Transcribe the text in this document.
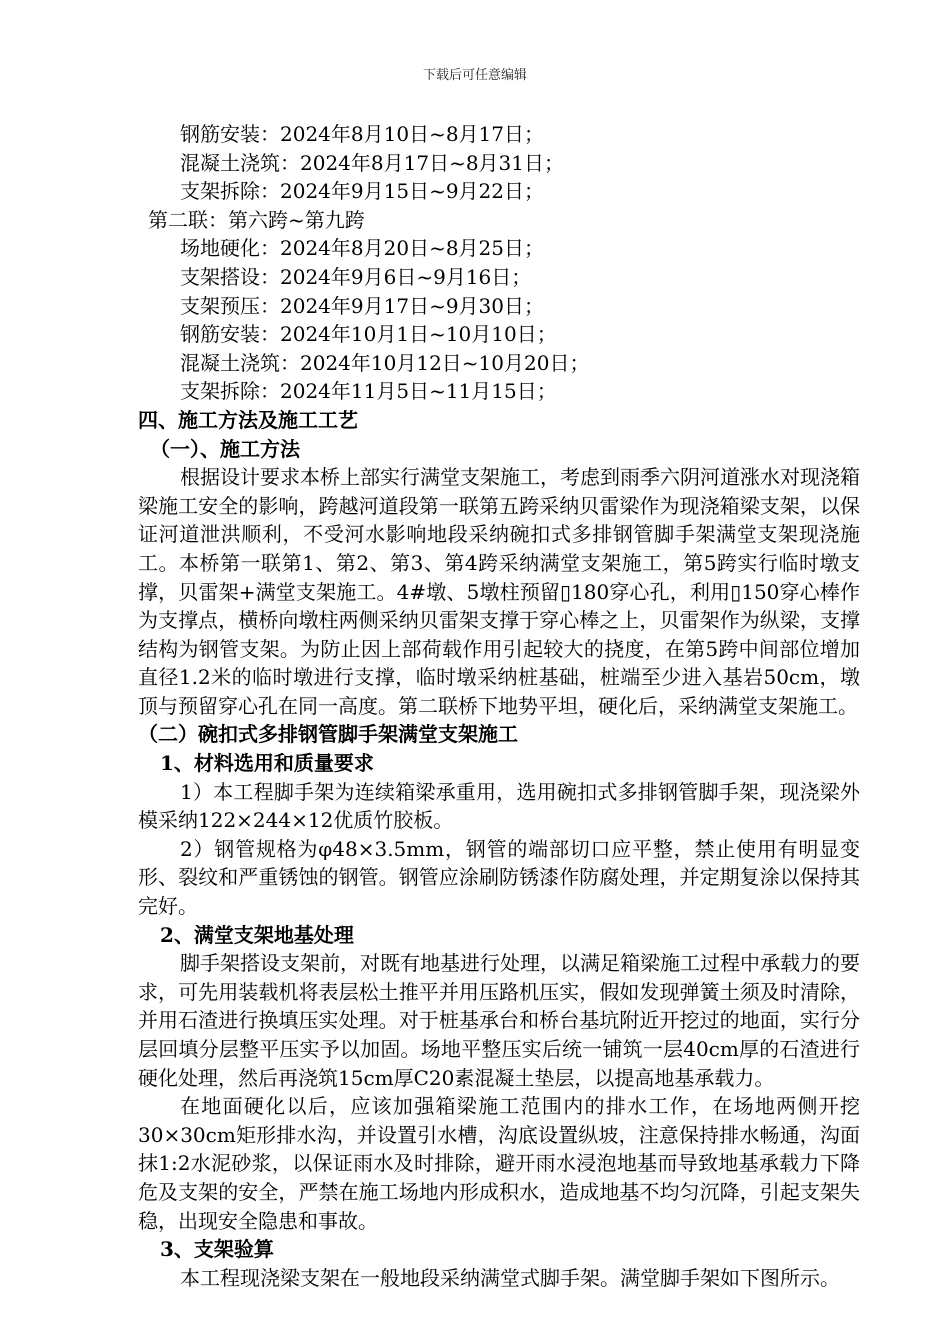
下载后可任意编辑
钢筋安装：2024年8月10日~8月17日；
混凝土浇筑：2024年8月17日~8月31日；
支架拆除：2024年9月15日~9月22日；
第二联：第六跨~第九跨
场地硬化：2024年8月20日~8月25日；
支架搭设：2024年9月6日~9月16日；
支架预压：2024年9月17日~9月30日；
钢筋安装：2024年10月1日~10月10日；
混凝土浇筑：2024年10月12日~10月20日；
支架拆除：2024年11月5日~11月15日；
四、施工方法及施工工艺
（一）、施工方法

根据设计要求本桥上部实行满堂支架施工，考虑到雨季六阴河道涨水对现浇箱梁施工安全的影响，跨越河道段第一联第五跨采纳贝雷梁作为现浇箱梁支架，以保证河道泄洪顺利，不受河水影响地段采纳碗扣式多排钢管脚手架满堂支架现浇施工。本桥第一联第1、第2、第3、第4跨采纳满堂支架施工，第5跨实行临时墩支撑，贝雷架+满堂支架施工。4#墩、5墩柱预留▯180穿心孔，利用▯150穿心棒作为支撑点，横桥向墩柱两侧采纳贝雷架支撑于穿心棒之上，贝雷架作为纵梁，支撑结构为钢管支架。为防止因上部荷载作用引起较大的挠度，在第5跨中间部位增加直径1.2米的临时墩进行支撑，临时墩采纳桩基础，桩端至少进入基岩50cm，墩顶与预留穿心孔在同一高度。第二联桥下地势平坦，硬化后，采纳满堂支架施工。

（二）碗扣式多排钢管脚手架满堂支架施工
1、材料选用和质量要求

1）本工程脚手架为连续箱梁承重用，选用碗扣式多排钢管脚手架，现浇梁外模采纳122×244×12优质竹胶板。

2）钢管规格为φ48×3.5mm，钢管的端部切口应平整，禁止使用有明显变形、裂纹和严重锈蚀的钢管。钢管应涂刷防锈漆作防腐处理，并定期复涂以保持其完好。

2、满堂支架地基处理

脚手架搭设支架前，对既有地基进行处理，以满足箱梁施工过程中承载力的要求，可先用装载机将表层松土推平并用压路机压实，假如发现弹簧土须及时清除，并用石渣进行换填压实处理。对于桩基承台和桥台基坑附近开挖过的地面，实行分层回填分层整平压实予以加固。场地平整压实后统一铺筑一层40cm厚的石渣进行硬化处理，然后再浇筑15cm厚C20素混凝土垫层，以提高地基承载力。

在地面硬化以后，应该加强箱梁施工范围内的排水工作，在场地两侧开挖30×30cm矩形排水沟，并设置引水槽，沟底设置纵坡，注意保持排水畅通，沟面抹1:2水泥砂浆，以保证雨水及时排除，避开雨水浸泡地基而导致地基承载力下降危及支架的安全，严禁在施工场地内形成积水，造成地基不均匀沉降，引起支架失稳，出现安全隐患和事故。

3、支架验算

本工程现浇梁支架在一般地段采纳满堂式脚手架。满堂脚手架如下图所示。
